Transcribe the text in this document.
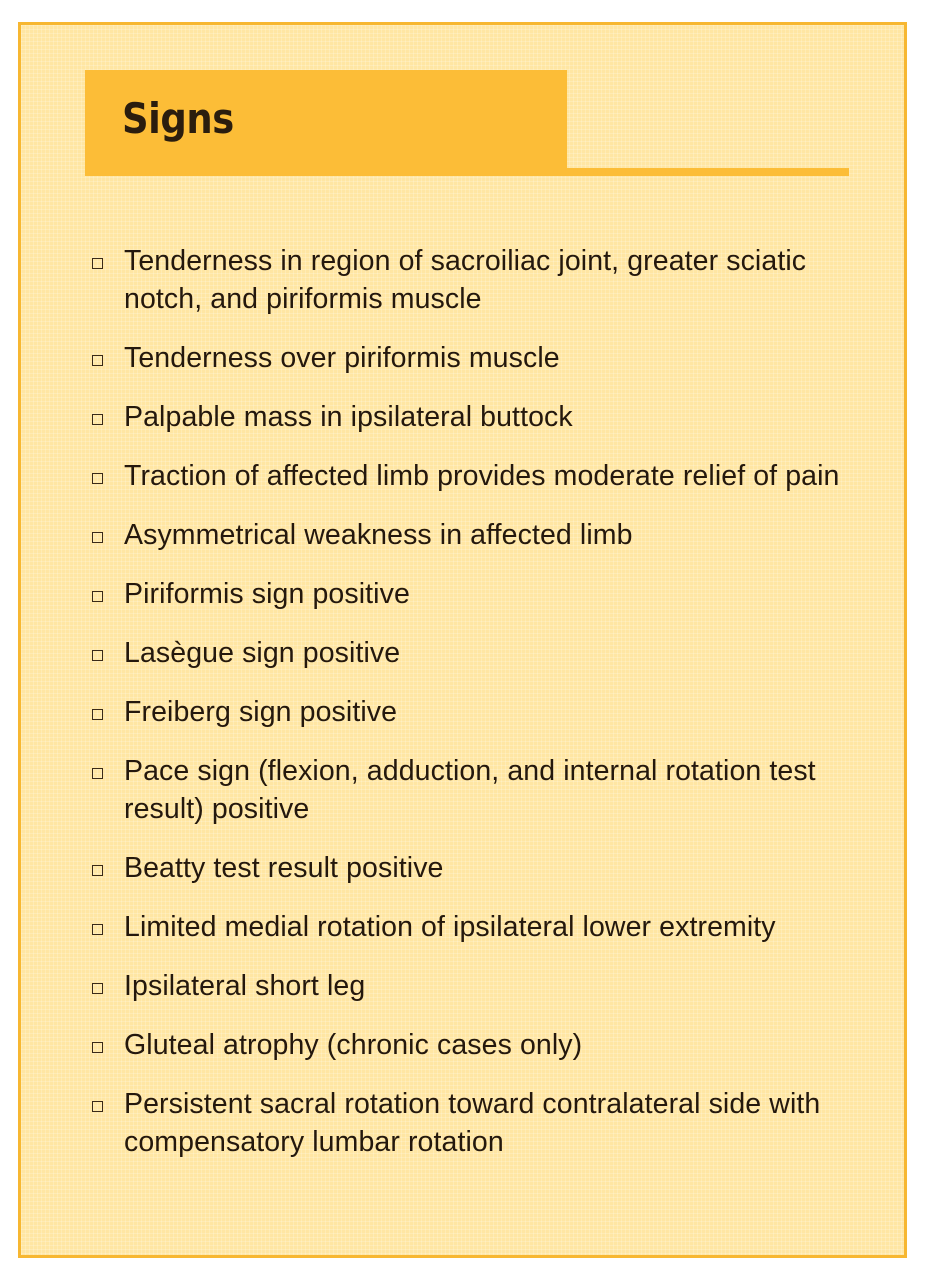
Signs
Tenderness in region of sacroiliac joint, greater sciatic notch, and piriformis muscle
Tenderness over piriformis muscle
Palpable mass in ipsilateral buttock
Traction of affected limb provides moderate relief of pain
Asymmetrical weakness in affected limb
Piriformis sign positive
Lasègue sign positive
Freiberg sign positive
Pace sign (flexion, adduction, and internal rotation test result) positive
Beatty test result positive
Limited medial rotation of ipsilateral lower extremity
Ipsilateral short leg
Gluteal atrophy (chronic cases only)
Persistent sacral rotation toward contralateral side with compensatory lumbar rotation
